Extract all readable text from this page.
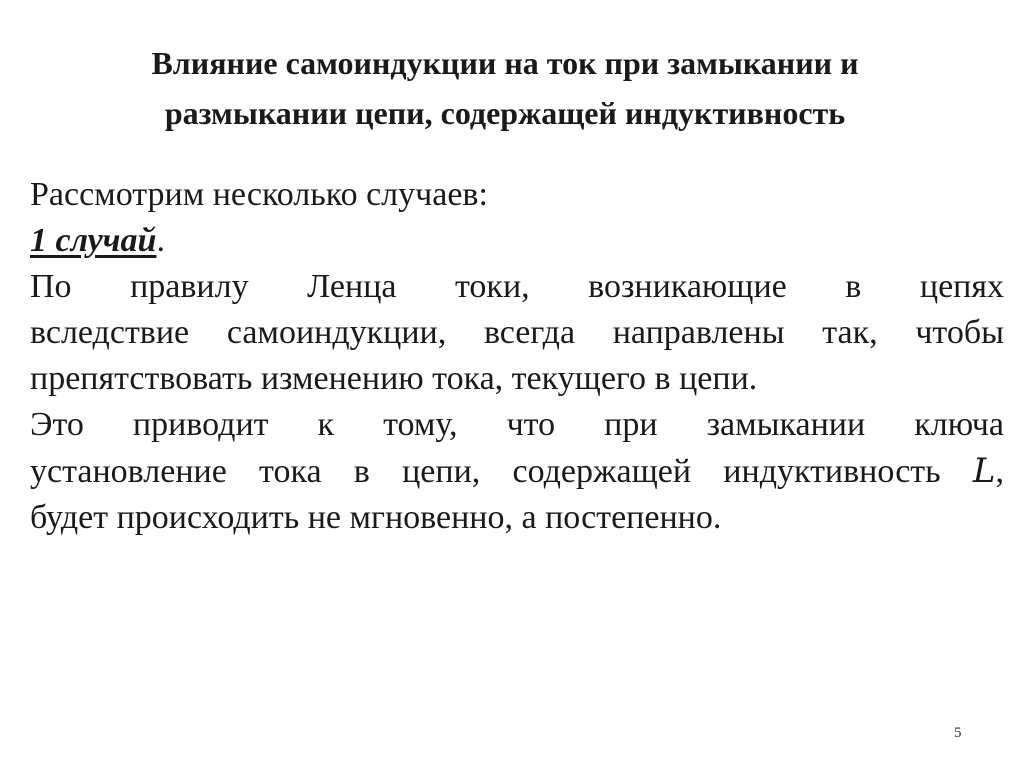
Влияние самоиндукции на ток при замыкании и
размыкании цепи, содержащей индуктивность

Рассмотрим несколько случаев:

1 случай.

По правилу Ленца токи, возникающие в цепях
вследствие самоиндукции, всегда направлены так, чтобы
препятствовать изменению тока, текущего в цепи.

Это приводит к тому, что при замыкании ключа
установление тока в цепи, содержащей индуктивность L,
будет происходить не мгновенно, а постепенно.

5
